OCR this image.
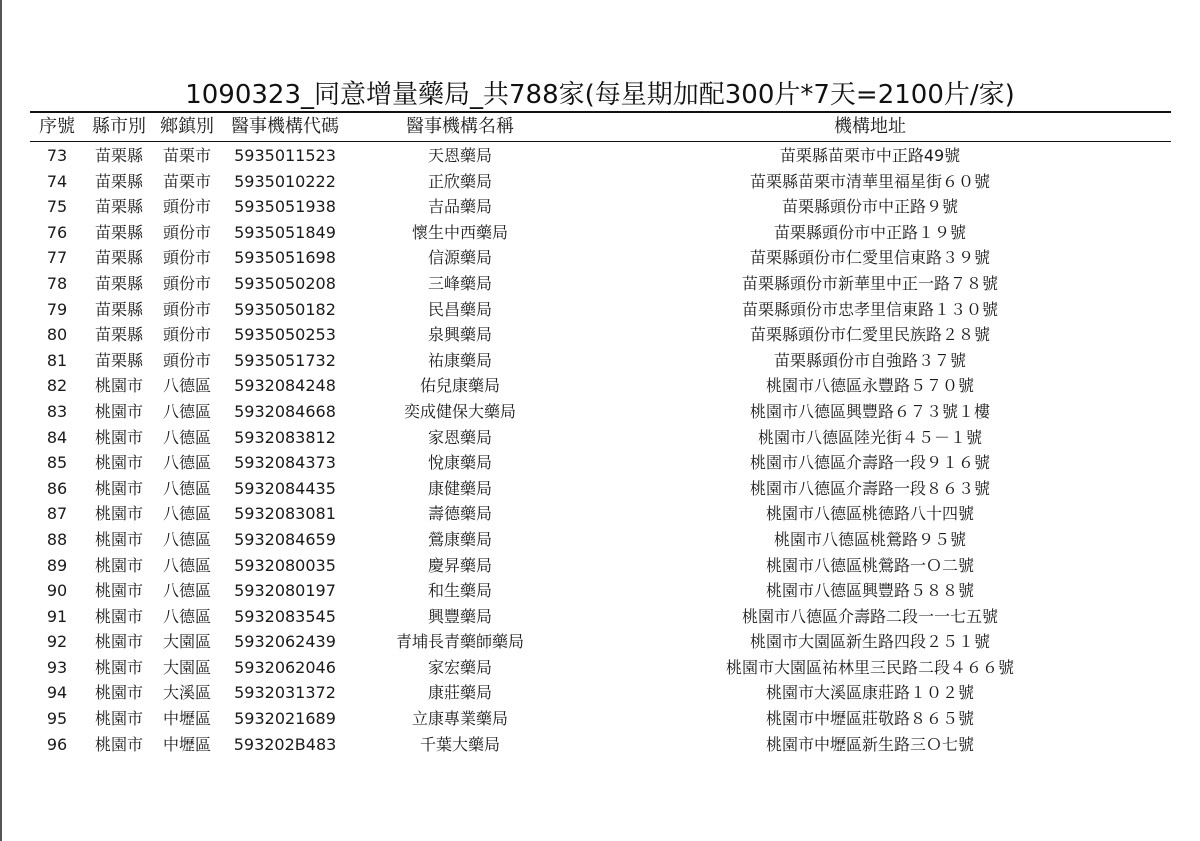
1090323_同意增量藥局_共788家(每星期加配300片*7天=2100片/家)
序號 縣市別 鄉鎮別 醫事機構代碼	醫事機構名稱	機構地址
73 苗栗縣 苗栗市 5935011523	天恩藥局	苗栗縣苗栗市中正路49號
74 苗栗縣 苗栗市 5935010222	正欣藥局	苗栗縣苗栗市清華里福星街６０號
75 苗栗縣 頭份市 5935051938	吉品藥局	苗栗縣頭份市中正路９號
76 苗栗縣 頭份市 5935051849	懷生中西藥局	苗栗縣頭份市中正路１９號
77 苗栗縣 頭份市 5935051698	信源藥局	苗栗縣頭份市仁愛里信東路３９號
78 苗栗縣 頭份市 5935050208	三峰藥局	苗栗縣頭份市新華里中正一路７８號
79 苗栗縣 頭份市 5935050182	民昌藥局	苗栗縣頭份市忠孝里信東路１３０號
80 苗栗縣 頭份市 5935050253	泉興藥局	苗栗縣頭份市仁愛里民族路２８號
81 苗栗縣 頭份市 5935051732	祐康藥局	苗栗縣頭份市自強路３７號
82 桃園市 八德區 5932084248	佑兒康藥局	桃園市八德區永豐路５７０號
83 桃園市 八德區 5932084668	奕成健保大藥局	桃園市八德區興豐路６７３號１樓
84 桃園市 八德區 5932083812	家恩藥局	桃園市八德區陸光街４５－１號
85 桃園市 八德區 5932084373	悅康藥局	桃園市八德區介壽路一段９１６號
86 桃園市 八德區 5932084435	康健藥局	桃園市八德區介壽路一段８６３號
87 桃園市 八德區 5932083081	壽德藥局	桃園市八德區桃德路八十四號
88 桃園市 八德區 5932084659	鶯康藥局	桃園市八德區桃鶯路９５號
89 桃園市 八德區 5932080035	慶昇藥局	桃園市八德區桃鶯路一Ｏ二號
90 桃園市 八德區 5932080197	和生藥局	桃園市八德區興豐路５８８號
91 桃園市 八德區 5932083545	興豐藥局	桃園市八德區介壽路二段一一七五號
92 桃園市 大園區 5932062439	青埔長青藥師藥局	桃園市大園區新生路四段２５１號
93 桃園市 大園區 5932062046	家宏藥局	桃園市大園區祐林里三民路二段４６６號
94 桃園市 大溪區 5932031372	康莊藥局	桃園市大溪區康莊路１０２號
95 桃園市 中壢區 5932021689	立康專業藥局	桃園市中壢區莊敬路８６５號
96 桃園市 中壢區 593202B483	千葉大藥局	桃園市中壢區新生路三Ｏ七號
